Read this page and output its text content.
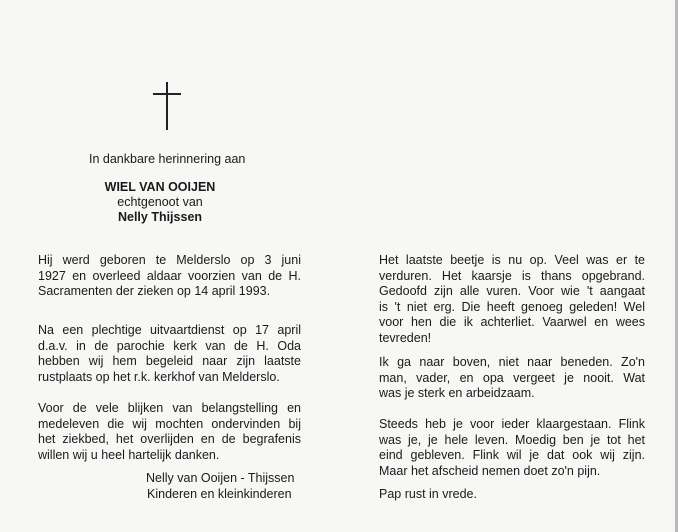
In dankbare herinnering aan
WIEL VAN OOIJEN
echtgenoot van
Nelly Thijssen
Hij werd geboren te Melderslo op 3 juni
1927 en overleed aldaar voorzien van de H.
Sacramenten der zieken op 14 april 1993.
Na een plechtige uitvaartdienst op 17 april
d.a.v. in de parochie kerk van de H. Oda
hebben wij hem begeleid naar zijn laatste
rustplaats op het r.k. kerkhof van Melderslo.
Voor de vele blijken van belangstelling en
medeleven die wij mochten ondervinden bij
het ziekbed, het overlijden en de begrafenis
willen wij u heel hartelijk danken.
Nelly van Ooijen - Thijssen
Kinderen en kleinkinderen
Het laatste beetje is nu op. Veel was er te
verduren. Het kaarsje is thans opgebrand.
Gedoofd zijn alle vuren. Voor wie 't aangaat
is 't niet erg. Die heeft genoeg geleden! Wel
voor hen die ik achterliet. Vaarwel en wees
tevreden!
Ik ga naar boven, niet naar beneden. Zo'n
man, vader, en opa vergeet je nooit. Wat
was je sterk en arbeidzaam.
Steeds heb je voor ieder klaargestaan. Flink
was je, je hele leven. Moedig ben je tot het
eind gebleven. Flink wil je dat ook wij zijn.
Maar het afscheid nemen doet zo'n pijn.
Pap rust in vrede.
